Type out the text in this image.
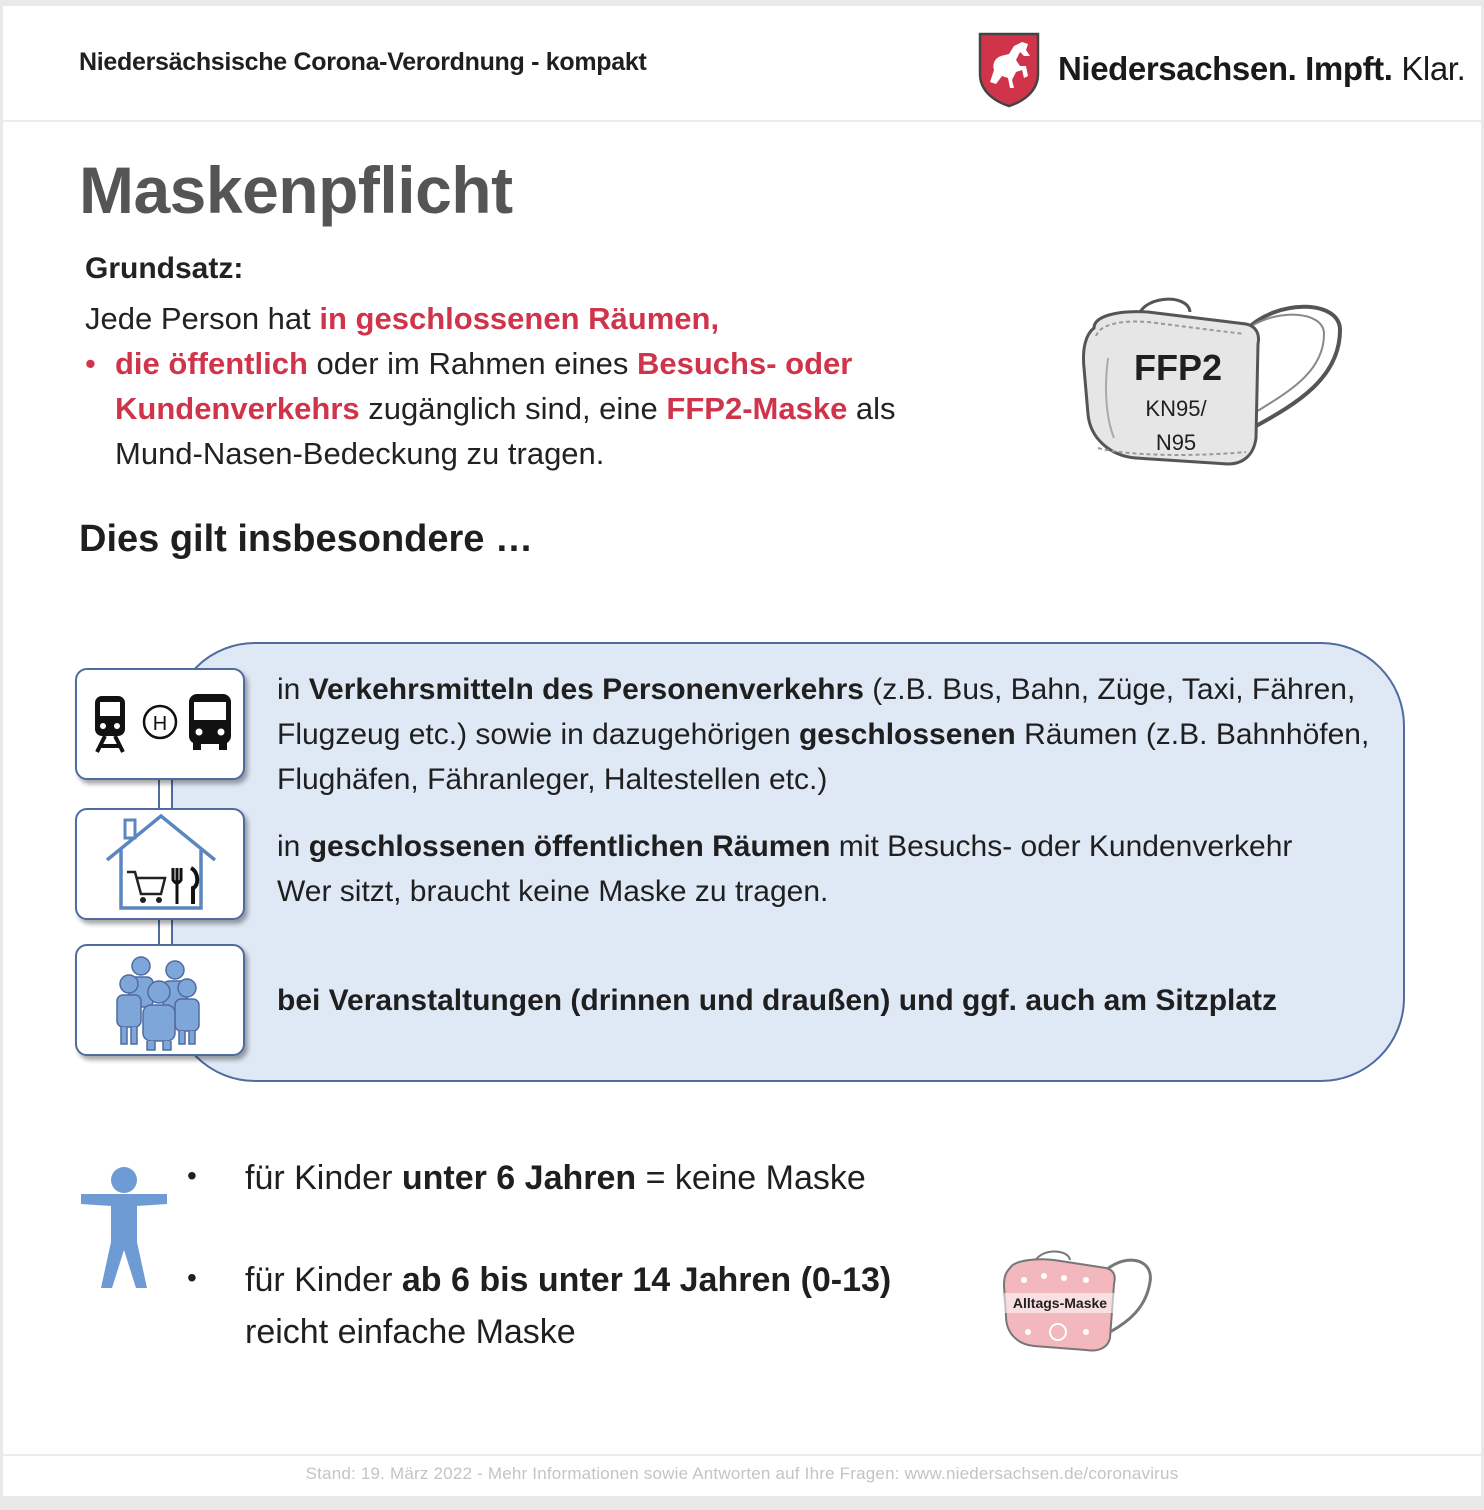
Niedersächsische Corona-Verordnung - kompakt	Niedersachsen. Impft. Klar.
Maskenpflicht
Grundsatz:
Jede Person hat in geschlossenen Räumen,
• die öffentlich oder im Rahmen eines Besuchs- oder Kundenverkehrs zugänglich sind, eine FFP2-Maske als Mund-Nasen-Bedeckung zu tragen.
FFP2
KN95/
N95
Dies gilt insbesondere …
H
in Verkehrsmitteln des Personenverkehrs (z.B. Bus, Bahn, Züge, Taxi, Fähren, Flugzeug etc.) sowie in dazugehörigen geschlossenen Räumen (z.B. Bahnhöfen, Flughäfen, Fähranleger, Haltestellen etc.)
in geschlossenen öffentlichen Räumen mit Besuchs- oder Kundenverkehr
Wer sitzt, braucht keine Maske zu tragen.
bei Veranstaltungen (drinnen und draußen) und ggf. auch am Sitzplatz
• für Kinder unter 6 Jahren = keine Maske
• für Kinder ab 6 bis unter 14 Jahren (0-13)
reicht einfache Maske
Alltags-Maske
Stand: 19. März 2022 - Mehr Informationen sowie Antworten auf Ihre Fragen: www.niedersachsen.de/coronavirus
